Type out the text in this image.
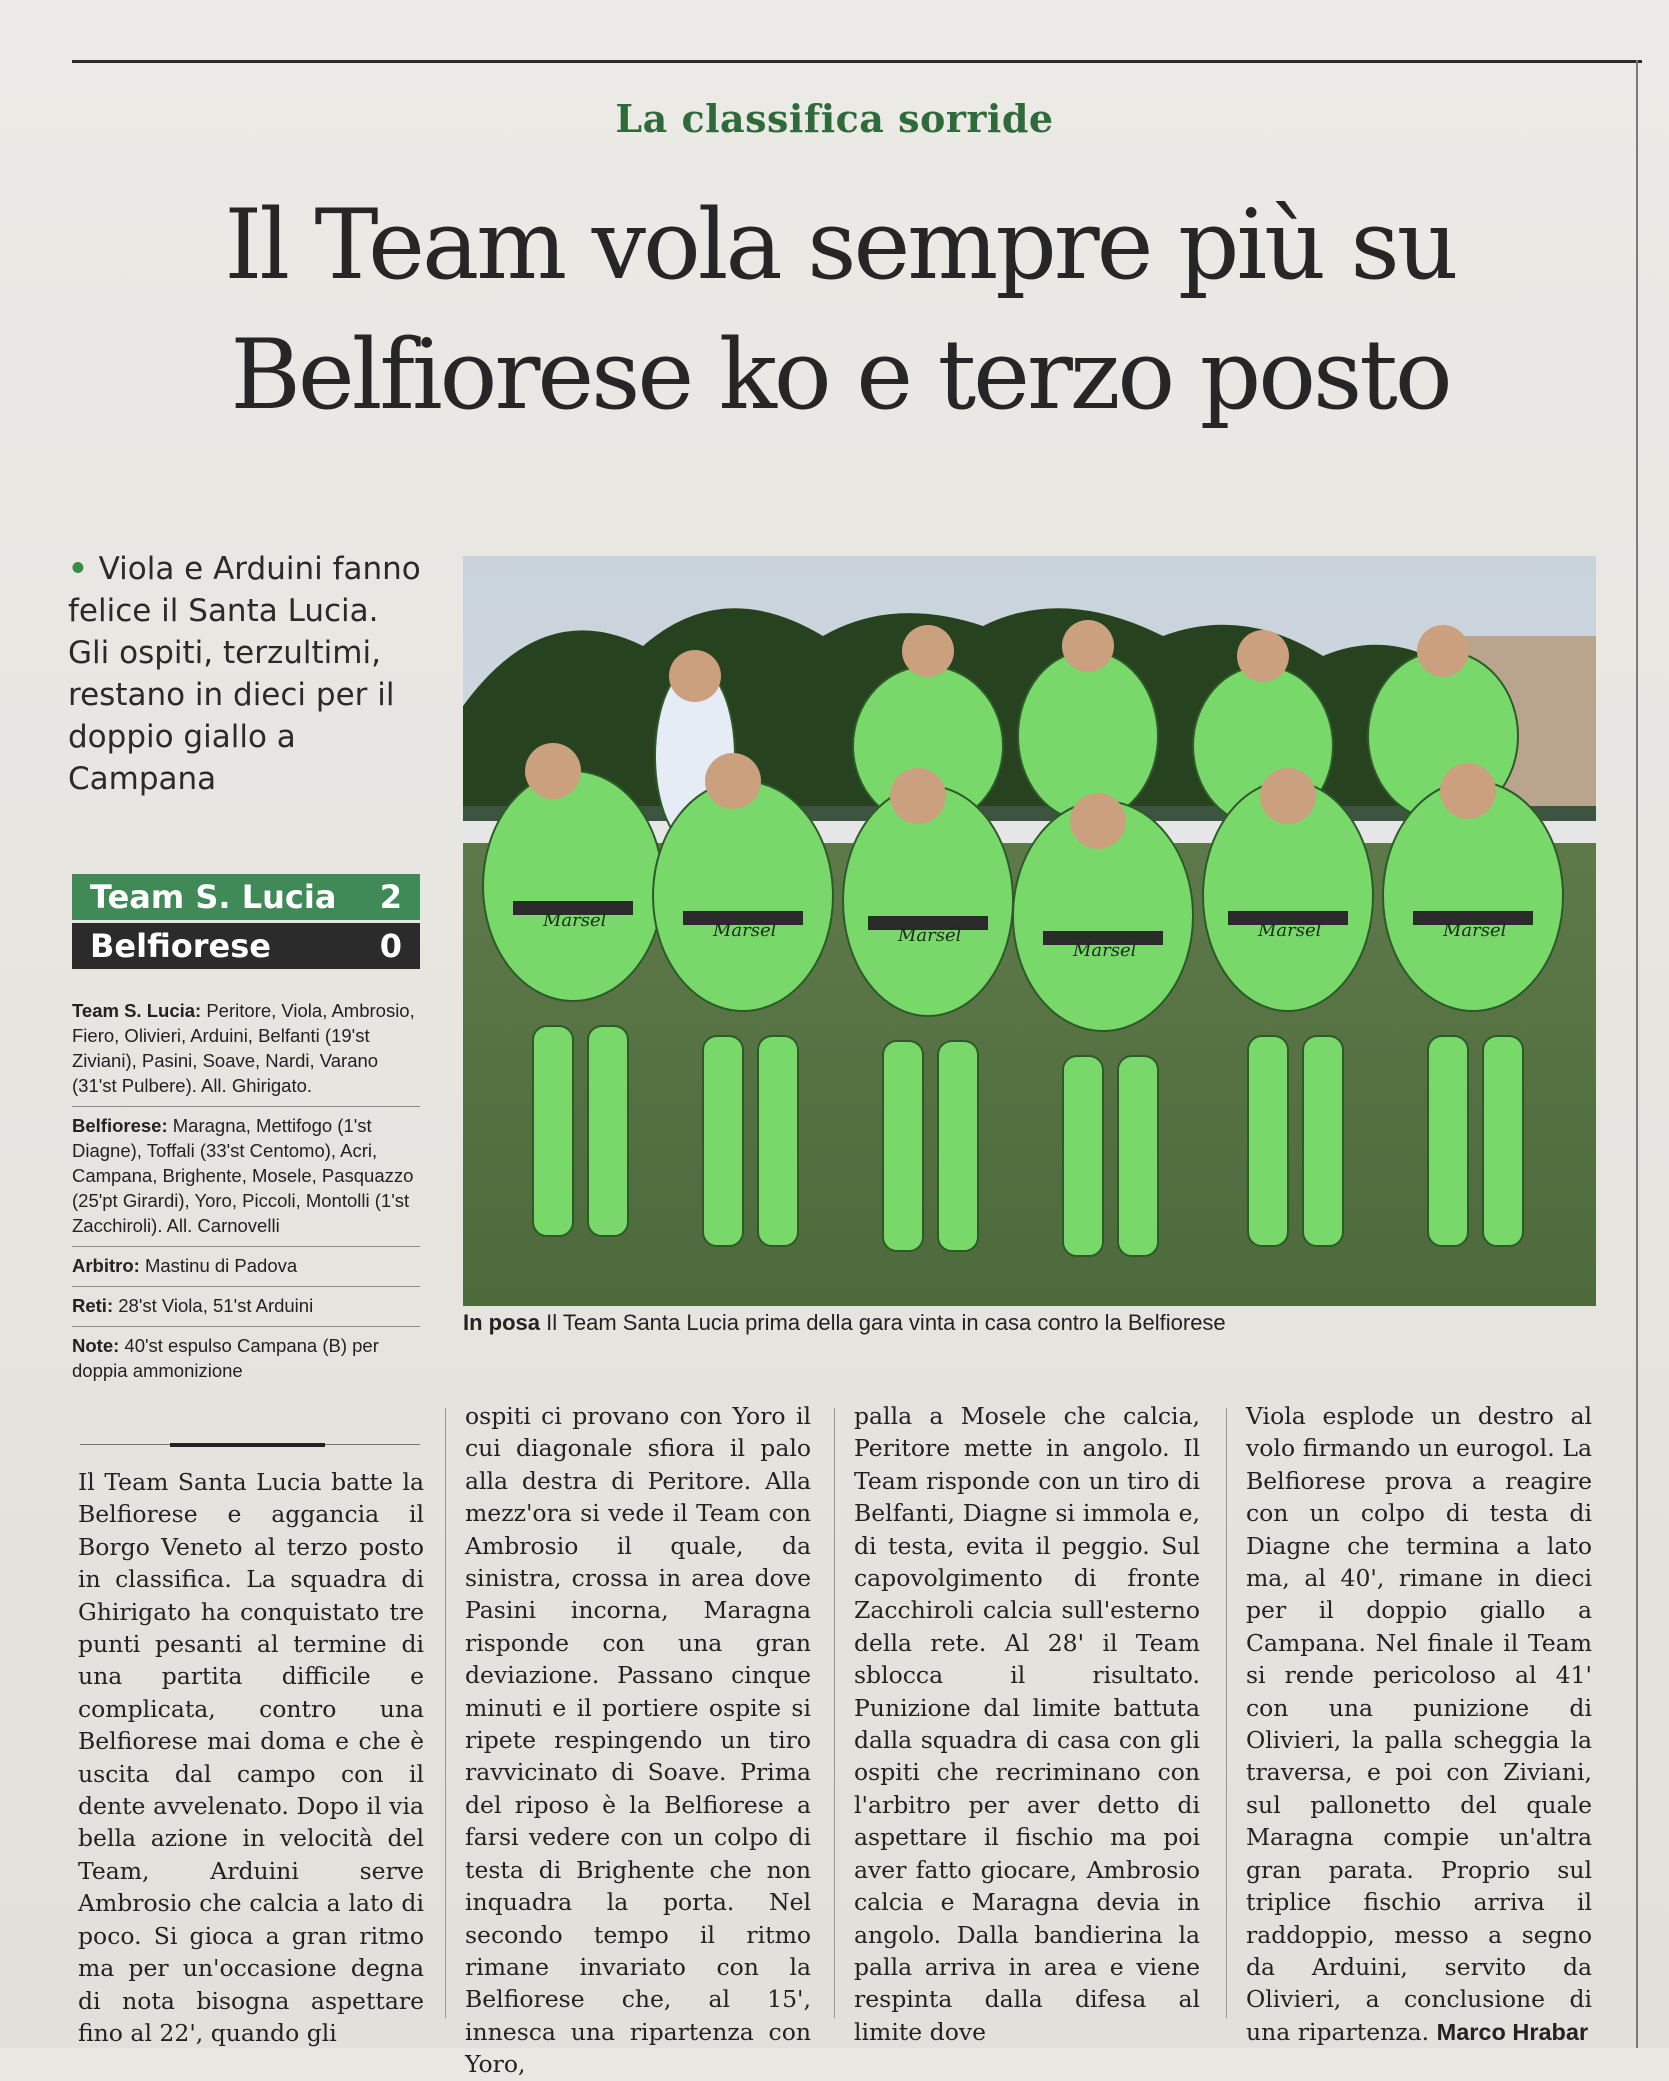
La classifica sorride
Il Team vola sempre più su
Belfiorese ko e terzo posto
• Viola e Arduini fanno felice il Santa Lucia. Gli ospiti, terzultimi, restano in dieci per il doppio giallo a Campana
Team S. Lucia 2
Belfiorese	0
Team S. Lucia: Peritore, Viola, Ambrosio, Fiero, Olivieri, Arduini, Belfanti (19'st Ziviani), Pasini, Soave, Nardi, Varano (31'st Pulbere). All. Ghirigato.
Belfiorese: Maragna, Mettifogo (1'st Diagne), Toffali (33'st Centomo), Acri, Campana, Brighente, Mosele, Pasquazzo (25'pt Girardi), Yoro, Piccoli, Montolli (1'st Zacchiroli). All. Carnovelli
Arbitro: Mastinu di Padova
Reti: 28'st Viola, 51'st Arduini
Note: 40'st espulso Campana (B) per doppia ammonizione
Marsél	Marsél	Marsél
Marsél
Marsél	Marsél
In posa Il Team Santa Lucia prima della gara vinta in casa contro la Belfiorese

Il Team Santa Lucia batte la Belfiorese e aggancia il Borgo Veneto al terzo posto in classifica. La squadra di Ghirigato ha conquistato tre punti pesanti al termine di una partita difficile e complicata, contro una Belfiorese mai doma e che è uscita dal campo con il dente avvelenato. Dopo il via bella azione in velocità del Team, Arduini serve Ambrosio che calcia a lato di poco. Si gioca a gran ritmo ma per un'occasione degna di nota bisogna aspettare fino al 22', quando gli

ospiti ci provano con Yoro il cui diagonale sfiora il palo alla destra di Peritore. Alla mezz'ora si vede il Team con Ambrosio il quale, da sinistra, crossa in area dove Pasini incorna, Maragna risponde con una gran deviazione. Passano cinque minuti e il portiere ospite si ripete respingendo un tiro ravvicinato di Soave. Prima del riposo è la Belfiorese a farsi vedere con un colpo di testa di Brighente che non inquadra la porta. Nel secondo tempo il ritmo rimane invariato con la Belfiorese che, al 15', innesca una ripartenza con Yoro,

palla a Mosele che calcia, Peritore mette in angolo. Il Team risponde con un tiro di Belfanti, Diagne si immola e, di testa, evita il peggio. Sul capovolgimento di fronte Zacchiroli calcia sull'esterno della rete. Al 28' il Team sblocca il risultato. Punizione dal limite battuta dalla squadra di casa con gli ospiti che recriminano con l'arbitro per aver detto di aspettare il fischio ma poi aver fatto giocare, Ambrosio calcia e Maragna devia in angolo. Dalla bandierina la palla arriva in area e viene respinta dalla difesa al limite dove

Viola esplode un destro al volo firmando un eurogol. La Belfiorese prova a reagire con un colpo di testa di Diagne che termina a lato ma, al 40', rimane in dieci per il doppio giallo a Campana. Nel finale il Team si rende pericoloso al 41' con una punizione di Olivieri, la palla scheggia la traversa, e poi con Ziviani, sul pallonetto del quale Maragna compie un'altra gran parata. Proprio sul triplice fischio arriva il raddoppio, messo a segno da Arduini, servito da Olivieri, a conclusione di una ripartenza. Marco Hrabar
